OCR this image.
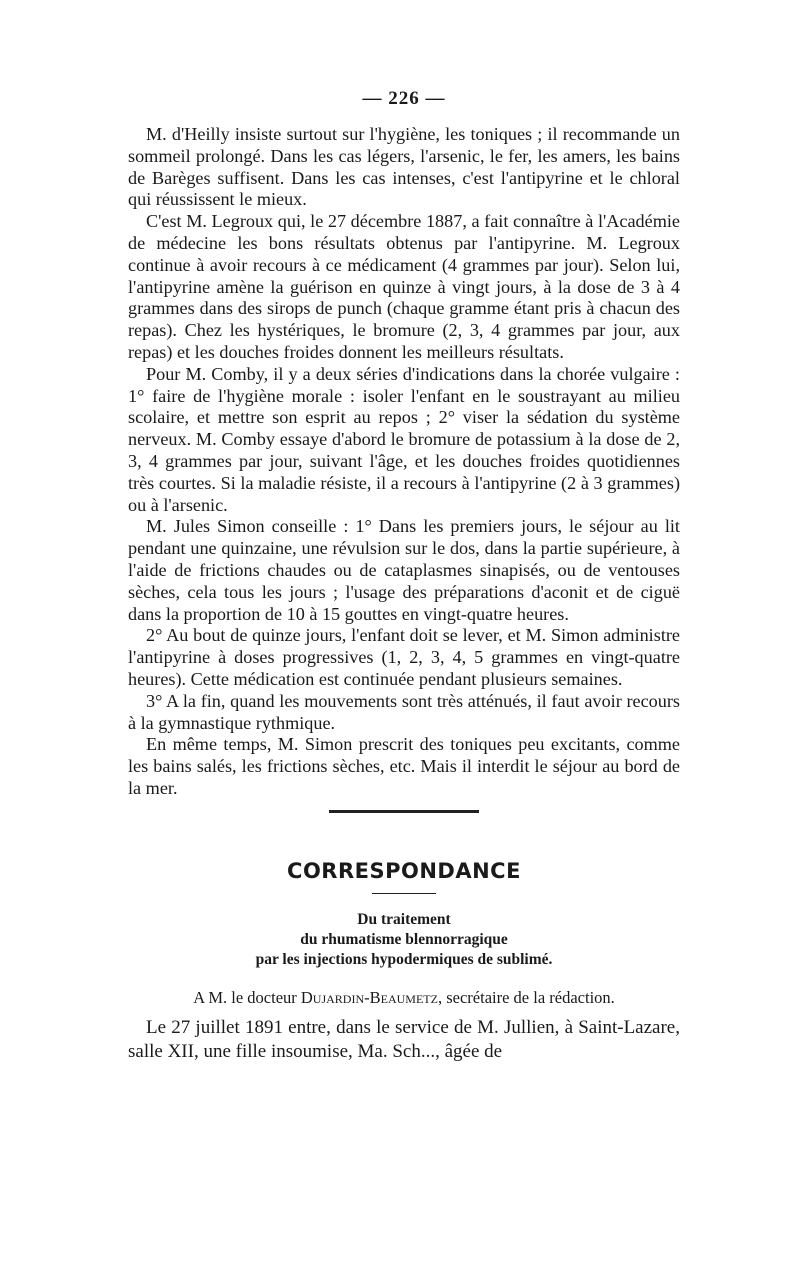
— 226 —

M. d'Heilly insiste surtout sur l'hygiène, les toniques ; il recommande un sommeil prolongé. Dans les cas légers, l'arsenic, le fer, les amers, les bains de Barèges suffisent. Dans les cas intenses, c'est l'antipyrine et le chloral qui réussissent le mieux.

C'est M. Legroux qui, le 27 décembre 1887, a fait connaître à l'Académie de médecine les bons résultats obtenus par l'antipyrine. M. Legroux continue à avoir recours à ce médicament (4 grammes par jour). Selon lui, l'antipyrine amène la guérison en quinze à vingt jours, à la dose de 3 à 4 grammes dans des sirops de punch (chaque gramme étant pris à chacun des repas). Chez les hystériques, le bromure (2, 3, 4 grammes par jour, aux repas) et les douches froides donnent les meilleurs résultats.

Pour M. Comby, il y a deux séries d'indications dans la chorée vulgaire : 1° faire de l'hygiène morale : isoler l'enfant en le soustrayant au milieu scolaire, et mettre son esprit au repos ; 2° viser la sédation du système nerveux. M. Comby essaye d'abord le bromure de potassium à la dose de 2, 3, 4 grammes par jour, suivant l'âge, et les douches froides quotidiennes très courtes. Si la maladie résiste, il a recours à l'antipyrine (2 à 3 grammes) ou à l'arsenic.

M. Jules Simon conseille : 1° Dans les premiers jours, le séjour au lit pendant une quinzaine, une révulsion sur le dos, dans la partie supérieure, à l'aide de frictions chaudes ou de cataplasmes sinapisés, ou de ventouses sèches, cela tous les jours ; l'usage des préparations d'aconit et de ciguë dans la proportion de 10 à 15 gouttes en vingt-quatre heures.

2° Au bout de quinze jours, l'enfant doit se lever, et M. Simon administre l'antipyrine à doses progressives (1, 2, 3, 4, 5 grammes en vingt-quatre heures). Cette médication est continuée pendant plusieurs semaines.

3° A la fin, quand les mouvements sont très atténués, il faut avoir recours à la gymnastique rythmique.

En même temps, M. Simon prescrit des toniques peu excitants, comme les bains salés, les frictions sèches, etc. Mais il interdit le séjour au bord de la mer.

CORRESPONDANCE

Du traitement

du rhumatisme blennorragique

par les injections hypodermiques de sublimé.

A M. le docteur Dujardin-Beaumetz, secrétaire de la rédaction.

Le 27 juillet 1891 entre, dans le service de M. Jullien, à Saint-Lazare, salle XII, une fille insoumise, Ma. Sch..., âgée de
